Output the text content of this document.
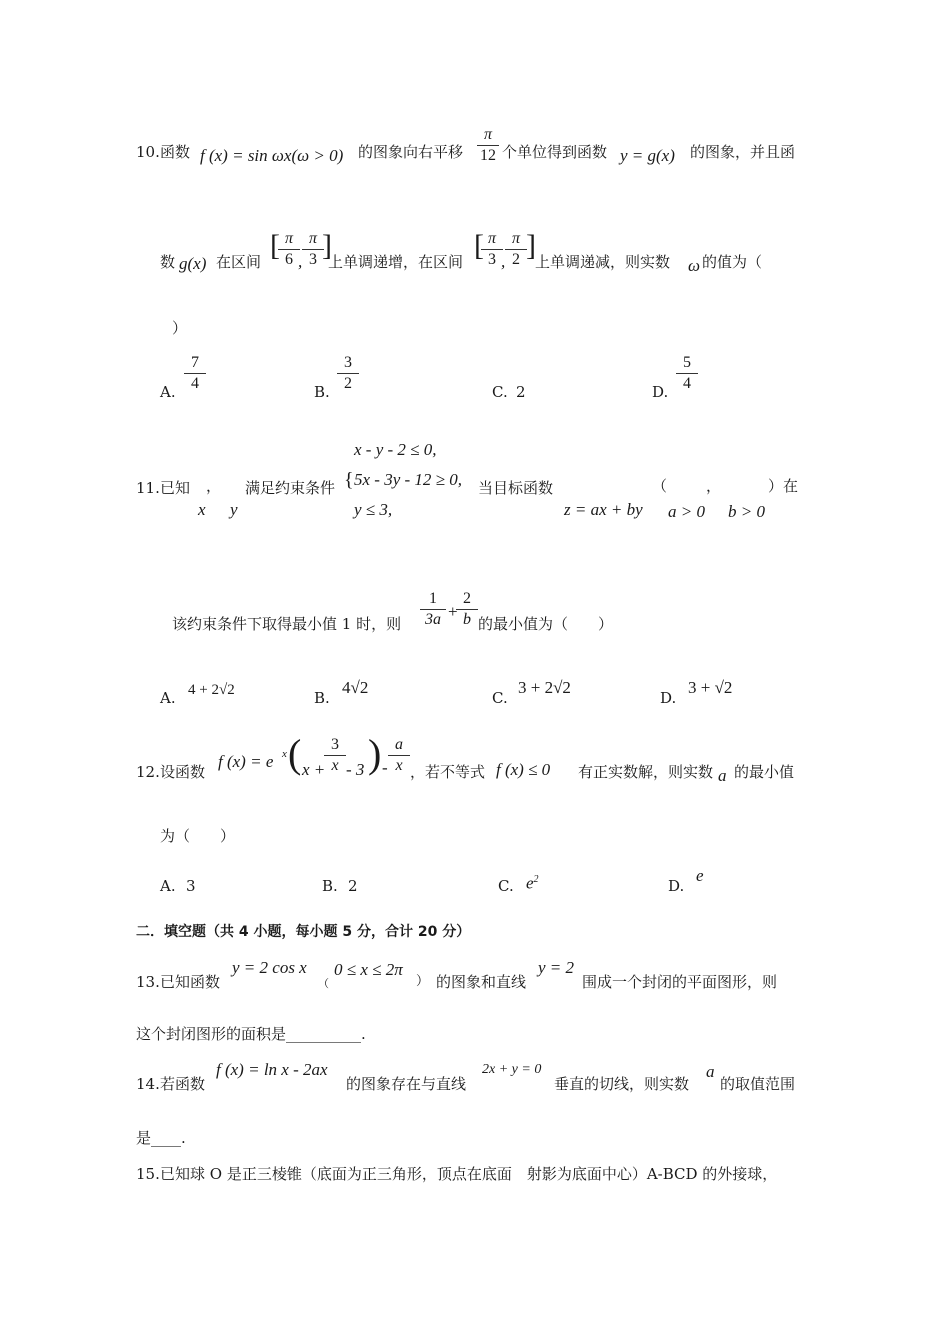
10. 函数 f (x) = sin ωx(ω > 0) 的图象向右平移 $\frac{\pi}{12}$ 个单位得到函数 y = g(x) 的图象，并且函
数 g(x) 在区间 [
$\frac{\pi}{6}$
, $\frac{\pi}{3}$
]
上单调递增，在区间 [
$\frac{\pi}{3}$
, $\frac{\pi}{2}$ ] 上单调递减，则实数 ω 的值为（
）
A. $\frac{7}{4}$	B. $\frac{3}{2}$	C. 2	D. $\frac{5}{4}$
x - y - 2 ≤ 0,
11. 已知 ，
x y
满足约束条件 { 5x - 3y - 12 ≥ 0,
y ≤ 3,
当目标函数
z = ax + by
（
a > 0
，
b > 0
）在
该约束条件下取得最小值 1 时，则 $\frac{1}{3a}$ +
$\frac{2}{b}$ 的最小值为（　　）
A. 4 + 2√2	B.
4√2
C.
3 + 2√2
D.
3 + √2
12. 设函数
f (x) = e x ( x +
$\frac{3}{x} - 3$ ) - $\frac{a}{x}$ ，若不等式 f (x) ≤ 0 有正实数解，则实数 a 的最小值
为（　　）
A. 3	B. 2	C. $e^2$	D.
e
二．填空题（共 4 小题，每小题 5 分，合计 20 分）
13. 已知函数
y = 2 cos x
（
0 ≤ x ≤ 2π
） 的图象和直线
y = 2
围成一个封闭的平面图形，则
这个封闭图形的面积是__________.
14. 若函数
f (x) = ln x - 2ax
的图象存在与直线
2x + y = 0
垂直的切线，则实数
a
的取值范围
是____.
15. 已知球 O 是正三棱锥（底面为正三角形，顶点在底面　射影为底面中心）A-BCD 的外接球，
